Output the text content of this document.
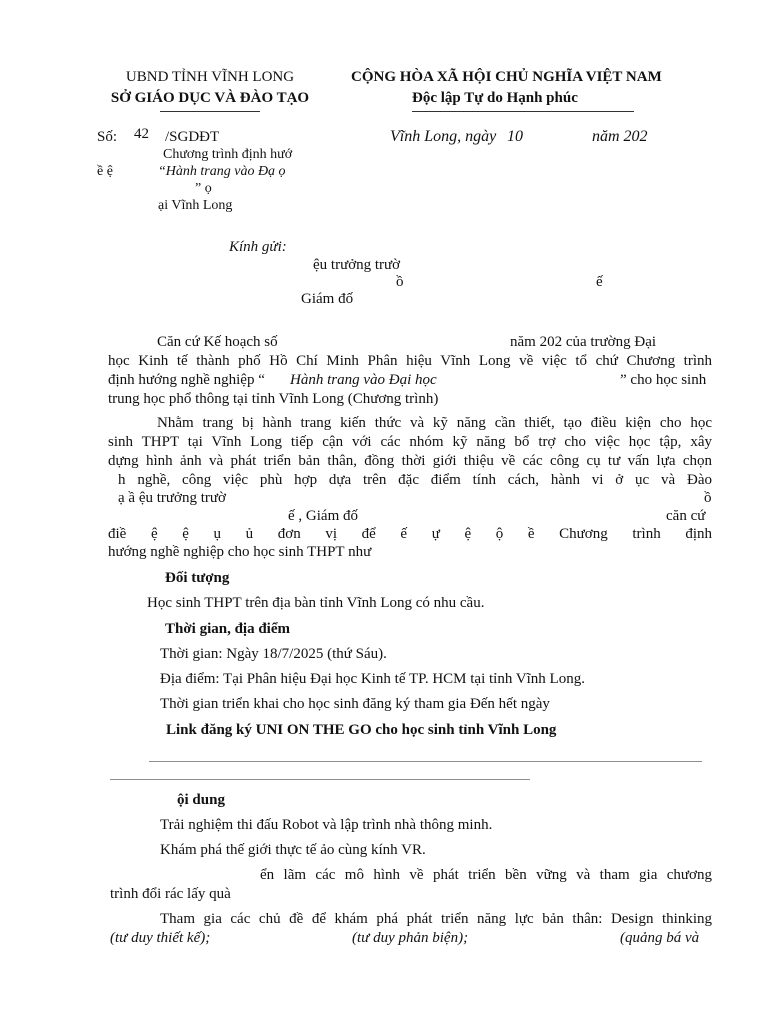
UBND TỈNH VĨNH LONG
SỞ GIÁO DỤC VÀ ĐÀO TẠO
CỘNG HÒA XÃ HỘI CHỦ NGHĨA VIỆT NAM
Độc lập Tự do Hạnh phúc
Số: 42 /SGDĐT	Vĩnh Long, ngày 10	năm 202
Chương trình định hướ
ề ệ	“Hành trang vào Đạ ọ
” ọ
ại Vĩnh Long
Kính gửi:
ệu trưởng trườ
ồ	ế
Giám đố
Căn cứ Kế hoạch số	năm 202 của trường Đại
học Kinh tế thành phố Hồ Chí Minh Phân hiệu Vĩnh Long về việc tổ chứ Chương trình
định hướng nghề nghiệp “ Hành trang vào Đại học	” cho học sinh
trung học phổ thông tại tỉnh Vĩnh Long (Chương trình)
Nhằm trang bị hành trang kiến thức và kỹ năng cần thiết, tạo điều kiện cho học
sinh THPT tại Vĩnh Long tiếp cận với các nhóm kỹ năng bổ trợ cho việc học tập, xây
dựng hình ảnh và phát triển bản thân, đồng thời giới thiệu về các công cụ tư vấn lựa chọn
h nghề, công việc phù hợp dựa trên đặc điểm tính cách, hành vi ở ục và Đào
ạ ầ ệu trưởng trườ	ồ
ế , Giám đố	căn cứ
điề ệ ệ ụ ủ đơn vị để ế ự ệ ộ ề Chương trình định
hướng nghề nghiệp cho học sinh THPT như
Đối tượng
Học sinh THPT trên địa bàn tỉnh Vĩnh Long có nhu cầu.
Thời gian, địa điểm
Thời gian: Ngày 18/7/2025 (thứ Sáu).
Địa điểm: Tại Phân hiệu Đại học Kinh tế TP. HCM tại tỉnh Vĩnh Long.
Thời gian triển khai cho học sinh đăng ký tham gia Đến hết ngày
Link đăng ký UNI ON THE GO cho học sinh tỉnh Vĩnh Long
ội dung
Trải nghiệm thi đấu Robot và lập trình nhà thông minh.
Khám phá thế giới thực tế ảo cùng kính VR.
ển lãm các mô hình về phát triển bền vững và tham gia chương
trình đổi rác lấy quà
Tham gia các chủ đề để khám phá phát triển năng lực bản thân: Design thinking
(tư duy thiết kế);	(tư duy phản biện);	(quảng bá và
